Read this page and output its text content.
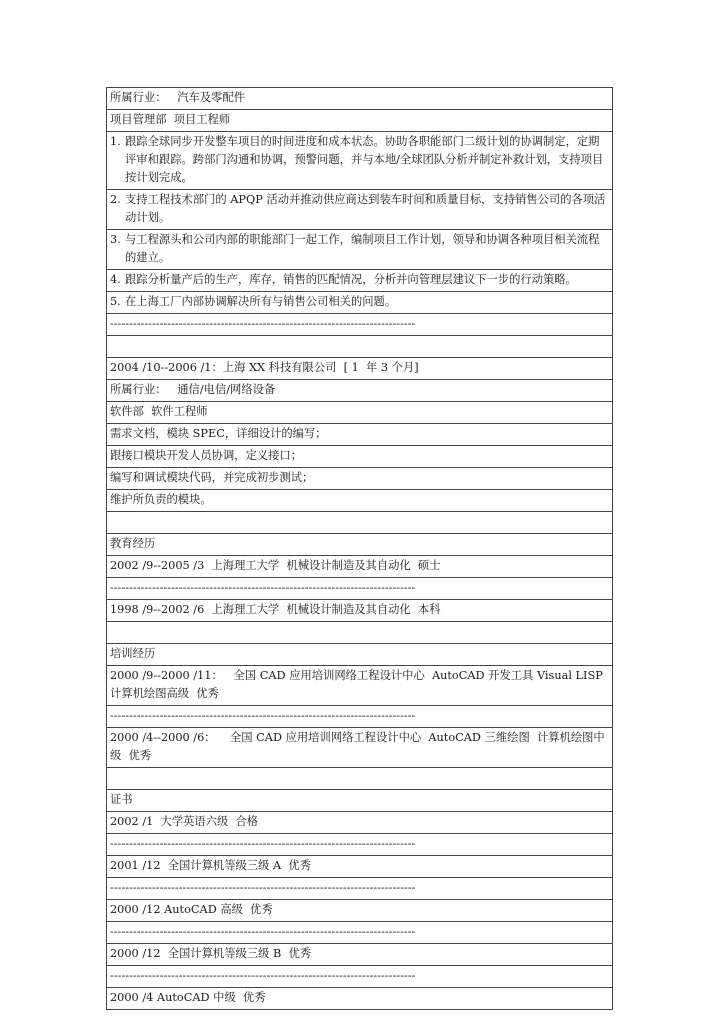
所属行业：   汽车及零配件
项目管理部  项目工程师

1. 跟踪全球同步开发整车项目的时间进度和成本状态。协助各职能部门二级计划的协调制定，定期评审和跟踪。跨部门沟通和协调，预警问题，并与本地/全球团队分析并制定补救计划，支持项目按计划完成。

2. 支持工程技术部门的 APQP 活动并推动供应商达到装车时间和质量目标，支持销售公司的各项活动计划。

3. 与工程源头和公司内部的职能部门一起工作，编制项目工作计划，领导和协调各种项目相关流程的建立。

4. 跟踪分析量产后的生产，库存，销售的匹配情况，分析并向管理层建议下一步的行动策略。

5. 在上海工厂内部协调解决所有与销售公司相关的问题。

--------------------------------------------------------------------------------

2004 /10--2006 /1：上海 XX 科技有限公司  [ 1  年 3 个月]
所属行业：   通信/电信/网络设备
软件部  软件工程师
需求文档，模块 SPEC，详细设计的编写；
跟接口模块开发人员协调，定义接口；
编写和调试模块代码，并完成初步测试；
维护所负责的模块。

教育经历
2002 /9--2005 /3  上海理工大学  机械设计制造及其自动化  硕士
--------------------------------------------------------------------------------
1998 /9--2002 /6  上海理工大学  机械设计制造及其自动化  本科

培训经历
2000 /9--2000 /11：   全国 CAD 应用培训网络工程设计中心  AutoCAD 开发工具 Visual LISP  计算机绘图高级  优秀
--------------------------------------------------------------------------------
2000 /4--2000 /6：    全国 CAD 应用培训网络工程设计中心  AutoCAD 三维绘图  计算机绘图中级  优秀

证书
2002 /1  大学英语六级  合格
--------------------------------------------------------------------------------
2001 /12  全国计算机等级三级 A  优秀
--------------------------------------------------------------------------------
2000 /12 AutoCAD 高级  优秀
--------------------------------------------------------------------------------
2000 /12  全国计算机等级三级 B  优秀
--------------------------------------------------------------------------------
2000 /4 AutoCAD 中级  优秀
